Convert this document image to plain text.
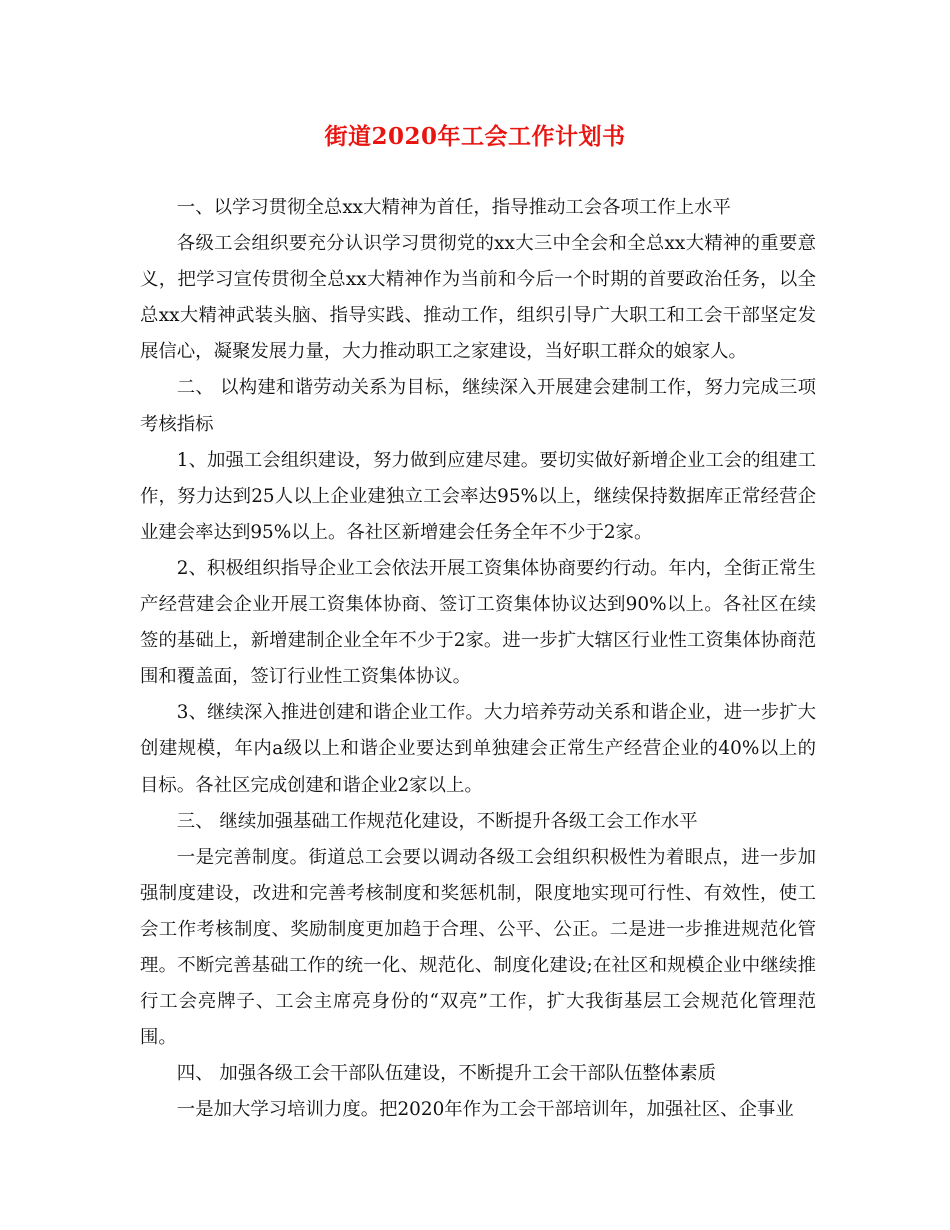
街道2020年工会工作计划书

一、以学习贯彻全总xx大精神为首任，指导推动工会各项工作上水平

各级工会组织要充分认识学习贯彻党的xx大三中全会和全总xx大精神的重要意义，把学习宣传贯彻全总xx大精神作为当前和今后一个时期的首要政治任务，以全总xx大精神武装头脑、指导实践、推动工作，组织引导广大职工和工会干部坚定发展信心，凝聚发展力量，大力推动职工之家建设，当好职工群众的娘家人。

二、 以构建和谐劳动关系为目标，继续深入开展建会建制工作，努力完成三项考核指标

1、加强工会组织建设，努力做到应建尽建。要切实做好新增企业工会的组建工作，努力达到25人以上企业建独立工会率达95%以上，继续保持数据库正常经营企业建会率达到95%以上。各社区新增建会任务全年不少于2家。

2、积极组织指导企业工会依法开展工资集体协商要约行动。年内，全街正常生产经营建会企业开展工资集体协商、签订工资集体协议达到90%以上。各社区在续签的基础上，新增建制企业全年不少于2家。进一步扩大辖区行业性工资集体协商范围和覆盖面，签订行业性工资集体协议。

3、继续深入推进创建和谐企业工作。大力培养劳动关系和谐企业，进一步扩大创建规模，年内a级以上和谐企业要达到单独建会正常生产经营企业的40%以上的目标。各社区完成创建和谐企业2家以上。

三、 继续加强基础工作规范化建设，不断提升各级工会工作水平

一是完善制度。街道总工会要以调动各级工会组织积极性为着眼点，进一步加强制度建设，改进和完善考核制度和奖惩机制，限度地实现可行性、有效性，使工会工作考核制度、奖励制度更加趋于合理、公平、公正。二是进一步推进规范化管理。不断完善基础工作的统一化、规范化、制度化建设;在社区和规模企业中继续推行工会亮牌子、工会主席亮身份的“双亮”工作，扩大我街基层工会规范化管理范围。

四、 加强各级工会干部队伍建设，不断提升工会干部队伍整体素质

一是加大学习培训力度。把2020年作为工会干部培训年，加强社区、企事业
